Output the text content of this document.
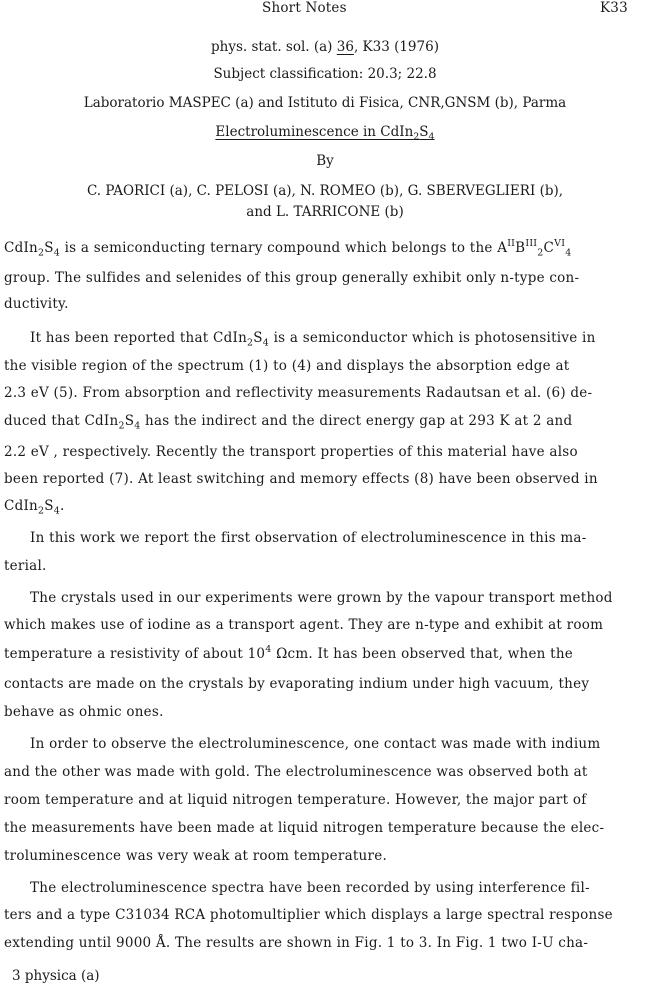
Short Notes	K33
phys. stat. sol. (a) 36, K33 (1976)
Subject classification: 20.3; 22.8
Laboratorio MASPEC (a) and Istituto di Fisica, CNR,GNSM (b), Parma
Electroluminescence in $CdIn_2S_4$
By
C. PAORICI (a), C. PELOSI (a), N. ROMEO (b), G. SBERVEGLIERI (b),
and L. TARRICONE (b)
$CdIn_2S_4$ is a semiconducting ternary compound which belongs to the $A^{II}B^{III}_2C^{VI}_4$
group. The sulfides and selenides of this group generally exhibit only n-type con-
ductivity.
It has been reported that $CdIn_2S_4$ is a semiconductor which is photosensitive in
the visible region of the spectrum (1) to (4) and displays the absorption edge at
2.3 eV (5). From absorption and reflectivity measurements Radautsan et al. (6) de-
duced that $CdIn_2S_4$ has the indirect and the direct energy gap at 293 K at 2 and
2.2 eV , respectively. Recently the transport properties of this material have also
been reported (7). At least switching and memory effects (8) have been observed in
$CdIn_2S_4$.
In this work we report the first observation of electroluminescence in this ma-
terial.
The crystals used in our experiments were grown by the vapour transport method
which makes use of iodine as a transport agent. They are n-type and exhibit at room
temperature a resistivity of about $10^4$ Ωcm. It has been observed that, when the
contacts are made on the crystals by evaporating indium under high vacuum, they
behave as ohmic ones.
In order to observe the electroluminescence, one contact was made with indium
and the other was made with gold. The electroluminescence was observed both at
room temperature and at liquid nitrogen temperature. However, the major part of
the measurements have been made at liquid nitrogen temperature because the elec-
troluminescence was very weak at room temperature.
The electroluminescence spectra have been recorded by using interference fil-
ters and a type C31034 RCA photomultiplier which displays a large spectral response
extending until 9000 Å. The results are shown in Fig. 1 to 3. In Fig. 1 two I-U cha-
3 physica (a)
